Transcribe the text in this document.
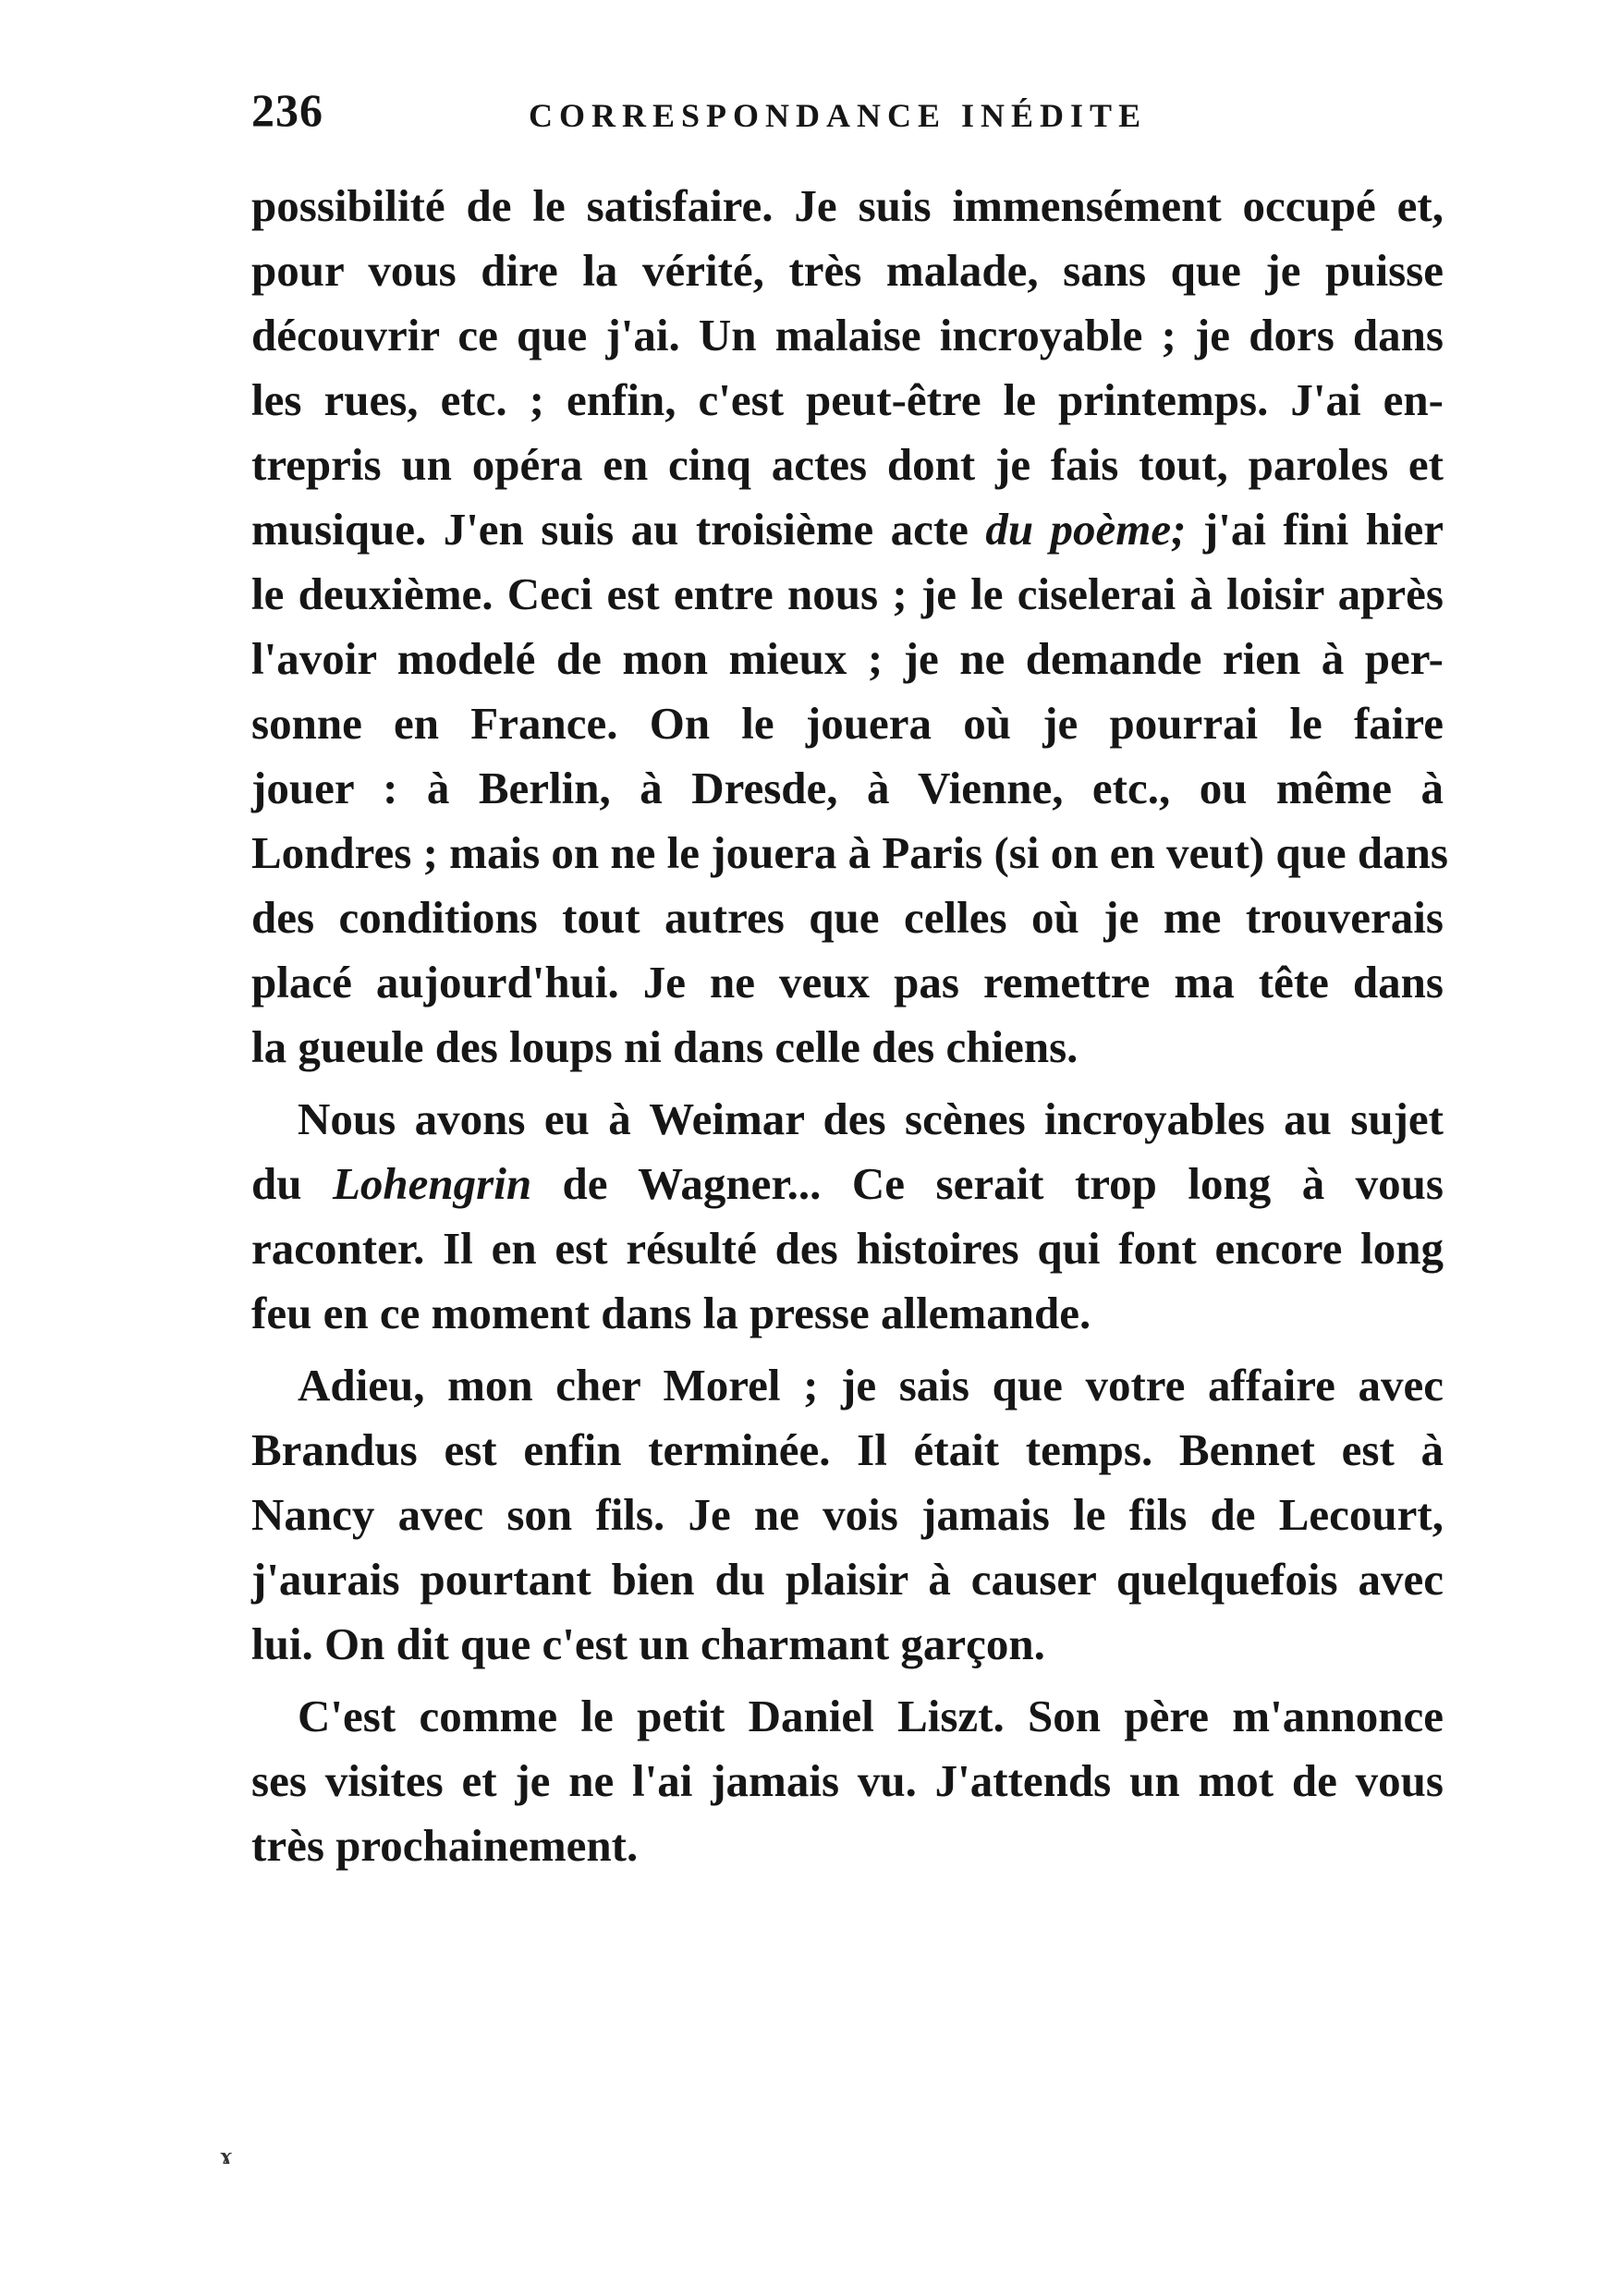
236	CORRESPONDANCE INÉDITE
possibilité de le satisfaire. Je suis immensément occupé et,
pour vous dire la vérité, très malade, sans que je puisse
découvrir ce que j'ai. Un malaise incroyable ; je dors dans
les rues, etc. ; enfin, c'est peut-être le printemps. J'ai en-
trepris un opéra en cinq actes dont je fais tout, paroles et
musique. J'en suis au troisième acte du poème; j'ai fini hier
le deuxième. Ceci est entre nous ; je le ciselerai à loisir après
l'avoir modelé de mon mieux ; je ne demande rien à per-
sonne en France. On le jouera où je pourrai le faire
jouer : à Berlin, à Dresde, à Vienne, etc., ou même à
Londres ; mais on ne le jouera à Paris (si on en veut) que dans
des conditions tout autres que celles où je me trouverais
placé aujourd'hui. Je ne veux pas remettre ma tête dans
la gueule des loups ni dans celle des chiens.
Nous avons eu à Weimar des scènes incroyables au sujet
du Lohengrin de Wagner... Ce serait trop long à vous
raconter. Il en est résulté des histoires qui font encore long
feu en ce moment dans la presse allemande.
Adieu, mon cher Morel ; je sais que votre affaire avec
Brandus est enfin terminée. Il était temps. Bennet est à
Nancy avec son fils. Je ne vois jamais le fils de Lecourt,
j'aurais pourtant bien du plaisir à causer quelquefois avec
lui. On dit que c'est un charmant garçon.
C'est comme le petit Daniel Liszt. Son père m'annonce
ses visites et je ne l'ai jamais vu. J'attends un mot de vous
très prochainement.
ɤ
